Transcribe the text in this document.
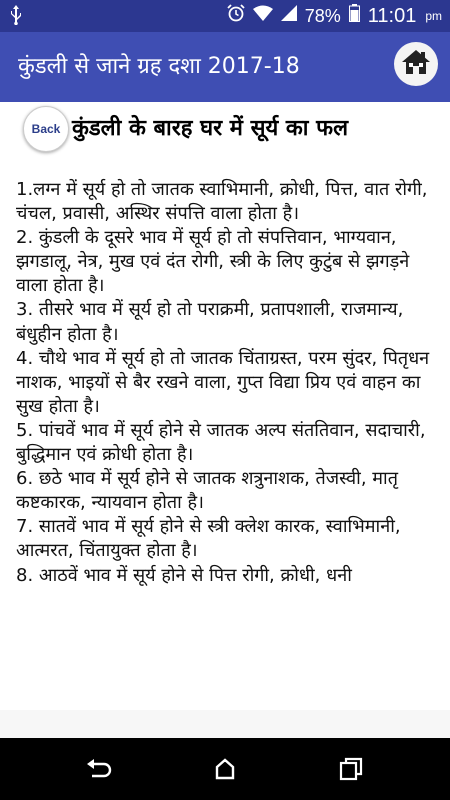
78% 11:01 pm
कुंडली से जाने ग्रह दशा 2017-18
Back कुंडली के बारह घर में सूर्य का फल

1.लग्न में सूर्य हो तो जातक स्वाभिमानी, क्रोधी, पित्त, वात रोगी, चंचल, प्रवासी, अस्थिर संपत्ति वाला होता है।

2. कुंडली के दूसरे भाव में सूर्य हो तो संपत्तिवान, भाग्यवान, झगडालू, नेत्र, मुख एवं दंत रोगी, स्त्री के लिए कुटुंब से झगड़ने वाला होता है।

3. तीसरे भाव में सूर्य हो तो पराक्रमी, प्रतापशाली, राजमान्य, बंधुहीन होता है।

4. चौथे भाव में सूर्य हो तो जातक चिंताग्रस्त, परम सुंदर, पितृधन नाशक, भाइयों से बैर रखने वाला, गुप्त विद्या प्रिय एवं वाहन का सुख होता है।

5. पांचवें भाव में सूर्य होने से जातक अल्प संततिवान, सदाचारी, बुद्धिमान एवं क्रोधी होता है।

6. छठे भाव में सूर्य होने से जातक शत्रुनाशक, तेजस्वी, मातृ कष्टकारक, न्यायवान होता है।

7. सातवें भाव में सूर्य होने से स्त्री क्लेश कारक, स्वाभिमानी, आत्मरत, चिंतायुक्त होता है।

8. आठवें भाव में सूर्य होने से पित्त रोगी, क्रोधी, धनी
